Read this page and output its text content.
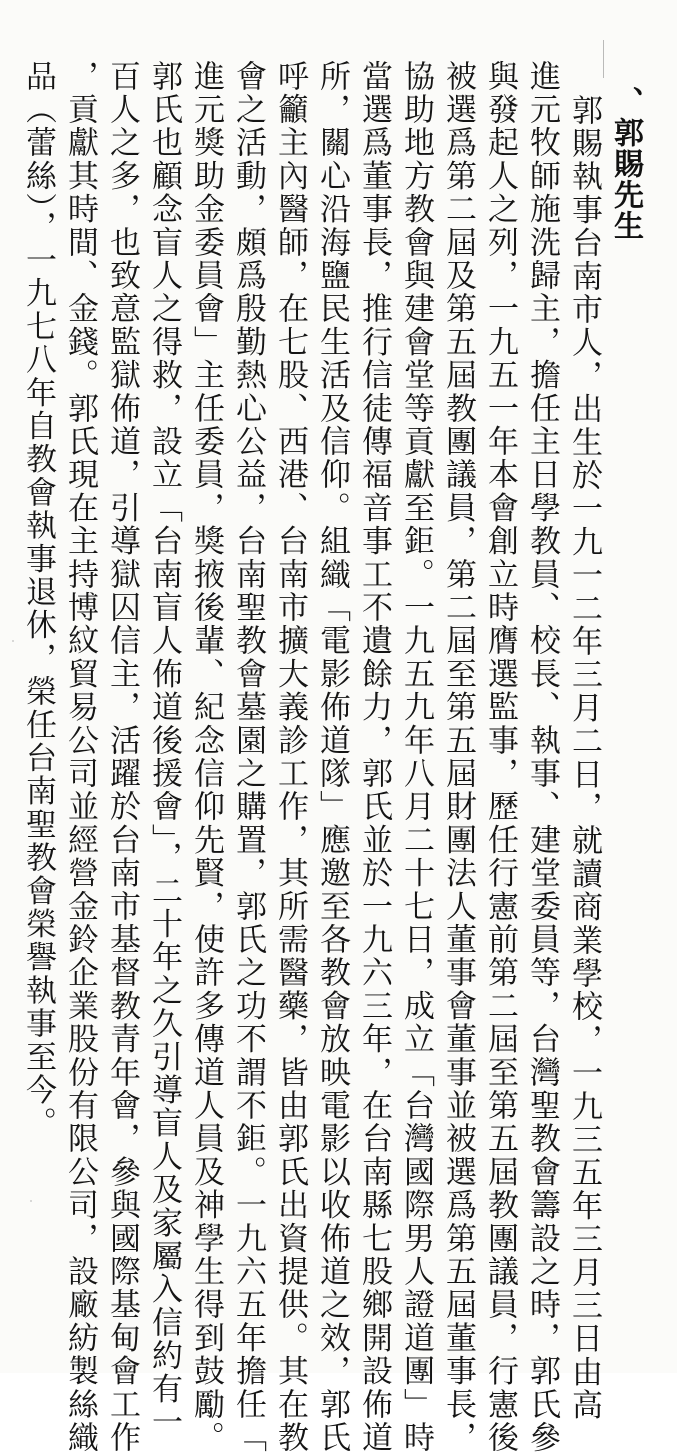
、郭賜先生
郭賜執事台南市人，出生於一九一二年三月二日，就讀商業學校，一九三五年三月三日由高
進元牧師施洗歸主，擔任主日學教員、校長、執事、建堂委員等，台灣聖教會籌設之時，郭氏參
與發起人之列，一九五一年本會創立時膺選監事，歷任行憲前第二屆至第五屆教團議員，行憲後
被選爲第二屆及第五屆教團議員，第二屆至第五屆財團法人董事會董事並被選爲第五屆董事長，
協助地方教會與建會堂等貢獻至鉅。一九五九年八月二十七日，成立「台灣國際男人證道團」時
當選爲董事長，推行信徒傳福音事工不遺餘力，郭氏並於一九六三年，在台南縣七股鄉開設佈道
所，關心沿海鹽民生活及信仰。組織「電影佈道隊」應邀至各教會放映電影以收佈道之效，郭氏
呼籲主內醫師，在七股、西港、台南市擴大義診工作，其所需醫藥，皆由郭氏出資提供。其在教
會之活動，頗爲殷勤熱心公益，台南聖教會墓園之購置，郭氏之功不謂不鉅。一九六五年擔任「
進元獎助金委員會」主任委員，獎掖後輩、紀念信仰先賢，使許多傳道人員及神學生得到鼓勵。
郭氏也顧念盲人之得救，設立「台南盲人佈道後援會」，二十年之久引導盲人及家屬入信約有一
百人之多，也致意監獄佈道，引導獄囚信主，活躍於台南市基督教青年會，參與國際基甸會工作
，貢獻其時間、金錢。郭氏現在主持博紋貿易公司並經營金鈴企業股份有限公司，設廠紡製絲織
品（蕾絲），一九七八年自教會執事退休，榮任台南聖教會榮譽執事至今。
